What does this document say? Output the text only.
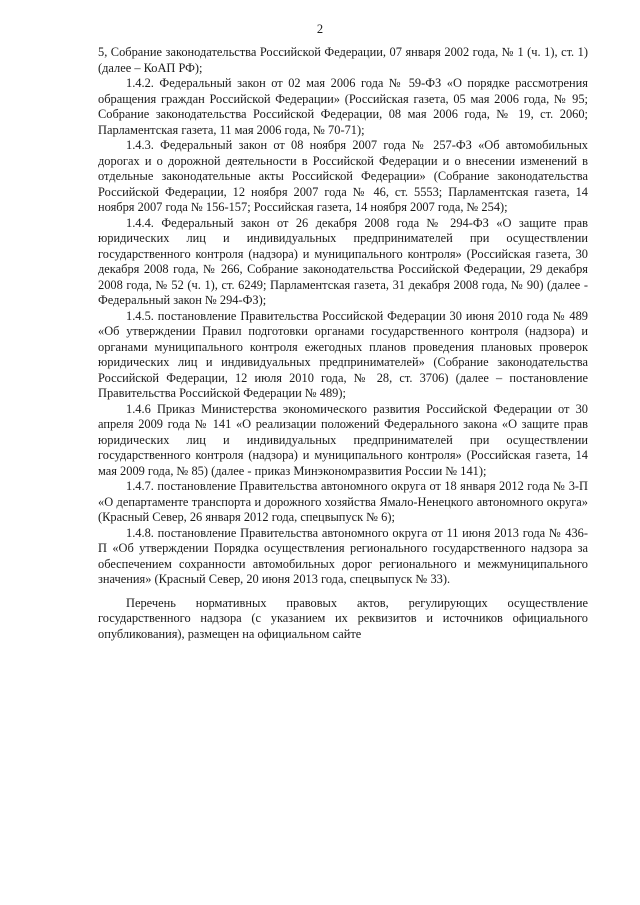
2

5, Собрание законодательства Российской Федерации, 07 января 2002 года, № 1 (ч. 1), ст. 1) (далее – КоАП РФ);

1.4.2. Федеральный закон от 02 мая 2006 года № 59-ФЗ «О порядке рассмотрения обращения граждан Российской Федерации» (Российская газета, 05 мая 2006 года, № 95; Собрание законодательства Российской Федерации, 08 мая 2006 года, № 19, ст. 2060; Парламентская газета, 11 мая 2006 года, № 70-71);

1.4.3. Федеральный закон от 08 ноября 2007 года № 257-ФЗ «Об автомобильных дорогах и о дорожной деятельности в Российской Федерации и о внесении изменений в отдельные законодательные акты Российской Федерации» (Собрание законодательства Российской Федерации, 12 ноября 2007 года № 46, ст. 5553; Парламентская газета, 14 ноября 2007 года № 156-157; Российская газета, 14 ноября 2007 года, № 254);

1.4.4. Федеральный закон от 26 декабря 2008 года № 294-ФЗ «О защите прав юридических лиц и индивидуальных предпринимателей при осуществлении государственного контроля (надзора) и муниципального контроля» (Российская газета, 30 декабря 2008 года, № 266, Собрание законодательства Российской Федерации, 29 декабря 2008 года, № 52 (ч. 1), ст. 6249; Парламентская газета, 31 декабря 2008 года, № 90) (далее - Федеральный закон № 294-ФЗ);

1.4.5. постановление Правительства Российской Федерации 30 июня 2010 года № 489 «Об утверждении Правил подготовки органами государственного контроля (надзора) и органами муниципального контроля ежегодных планов проведения плановых проверок юридических лиц и индивидуальных предпринимателей» (Собрание законодательства Российской Федерации, 12 июля 2010 года, № 28, ст. 3706) (далее – постановление Правительства Российской Федерации № 489);

1.4.6 Приказ Министерства экономического развития Российской Федерации от 30 апреля 2009 года № 141 «О реализации положений Федерального закона «О защите прав юридических лиц и индивидуальных предпринимателей при осуществлении государственного контроля (надзора) и муниципального контроля» (Российская газета, 14 мая 2009 года, № 85) (далее - приказ Минэкономразвития России № 141);

1.4.7. постановление Правительства автономного округа от 18 января 2012 года № 3-П «О департаменте транспорта и дорожного хозяйства Ямало-Ненецкого автономного округа» (Красный Север, 26 января 2012 года, спецвыпуск № 6);

1.4.8. постановление Правительства автономного округа от 11 июня 2013 года № 436-П «Об утверждении Порядка осуществления регионального государственного надзора за обеспечением сохранности автомобильных дорог регионального и межмуниципального значения» (Красный Север, 20 июня 2013 года, спецвыпуск № 33).

Перечень нормативных правовых актов, регулирующих осуществление государственного надзора (с указанием их реквизитов и источников официального опубликования), размещен на официальном сайте
